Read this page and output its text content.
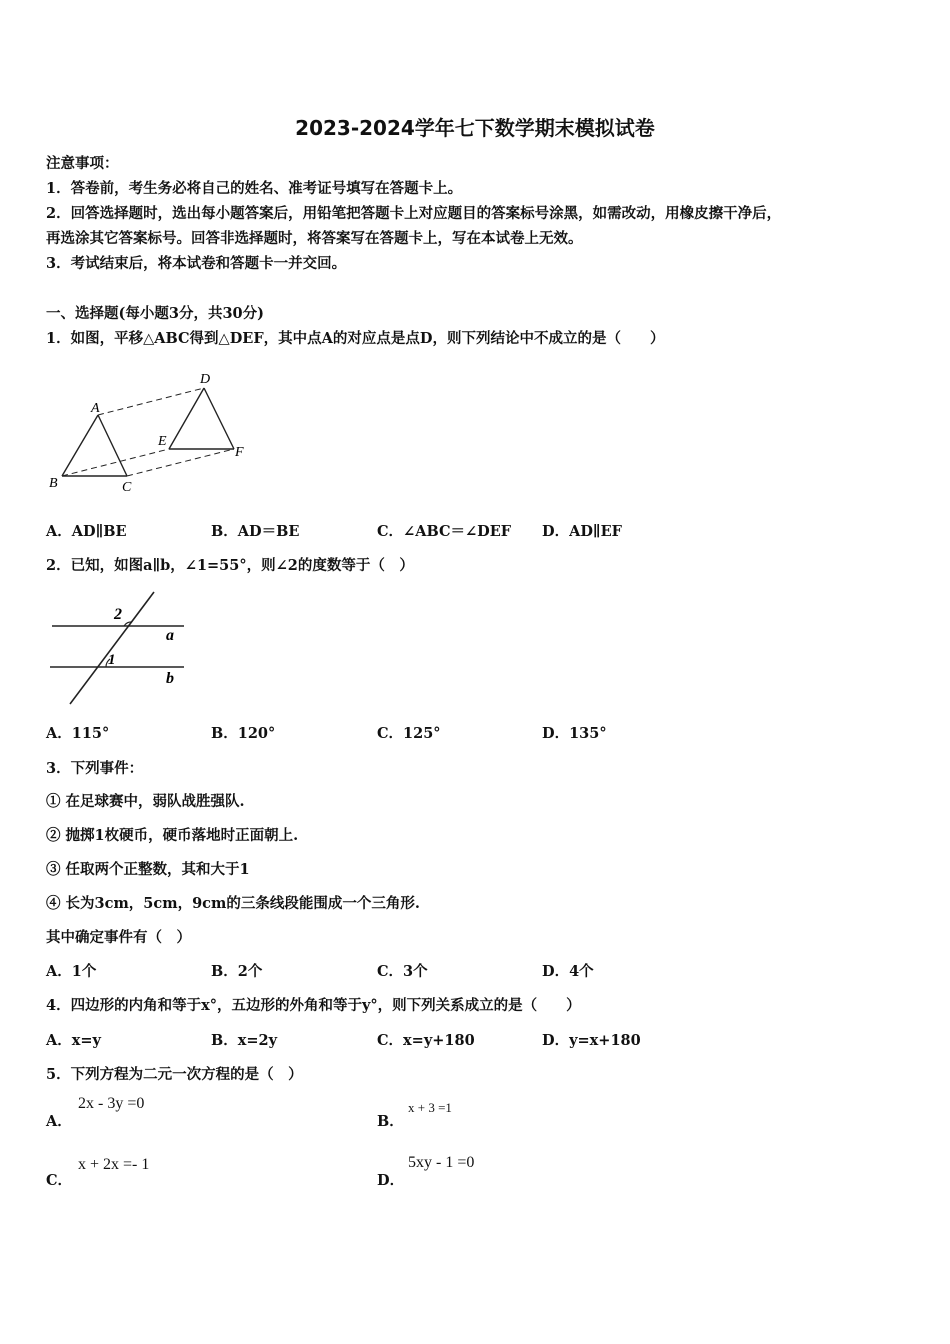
2023-2024学年七下数学期末模拟试卷
注意事项：
1．答卷前，考生务必将自己的姓名、准考证号填写在答题卡上。
2．回答选择题时，选出每小题答案后，用铅笔把答题卡上对应题目的答案标号涂黑，如需改动，用橡皮擦干净后，
再选涂其它答案标号。回答非选择题时，将答案写在答题卡上，写在本试卷上无效。
3．考试结束后，将本试卷和答题卡一并交回。
一、选择题(每小题3分，共30分)
1．如图，平移△ABC得到△DEF，其中点A的对应点是点D，则下列结论中不成立的是（　　）
A
B	C
D
E
F
A．AD∥BE	B．AD＝BE	C．∠ABC＝∠DEF D．AD∥EF
2．已知，如图a∥b，∠1=55°，则∠2的度数等于（　）
1
2
a
b
A．115°	B．120°	C．125°	D．135°
3．下列事件：
① 在足球赛中，弱队战胜强队.
② 抛掷1枚硬币，硬币落地时正面朝上.
③ 任取两个正整数，其和大于1
④ 长为3cm，5cm，9cm的三条线段能围成一个三角形.
其中确定事件有（　）
A．1个	B．2个	C．3个	D．4个
4．四边形的内角和等于x°，五边形的外角和等于y°，则下列关系成立的是（　　）
A．x=y	B．x=2y	C．x=y+180	D．y=x+180
5．下列方程为二元一次方程的是（　）
A．
2x - 3y =0
B．
x + 3 =1
C．
x + 2x =- 1
D．
5xy - 1 =0
